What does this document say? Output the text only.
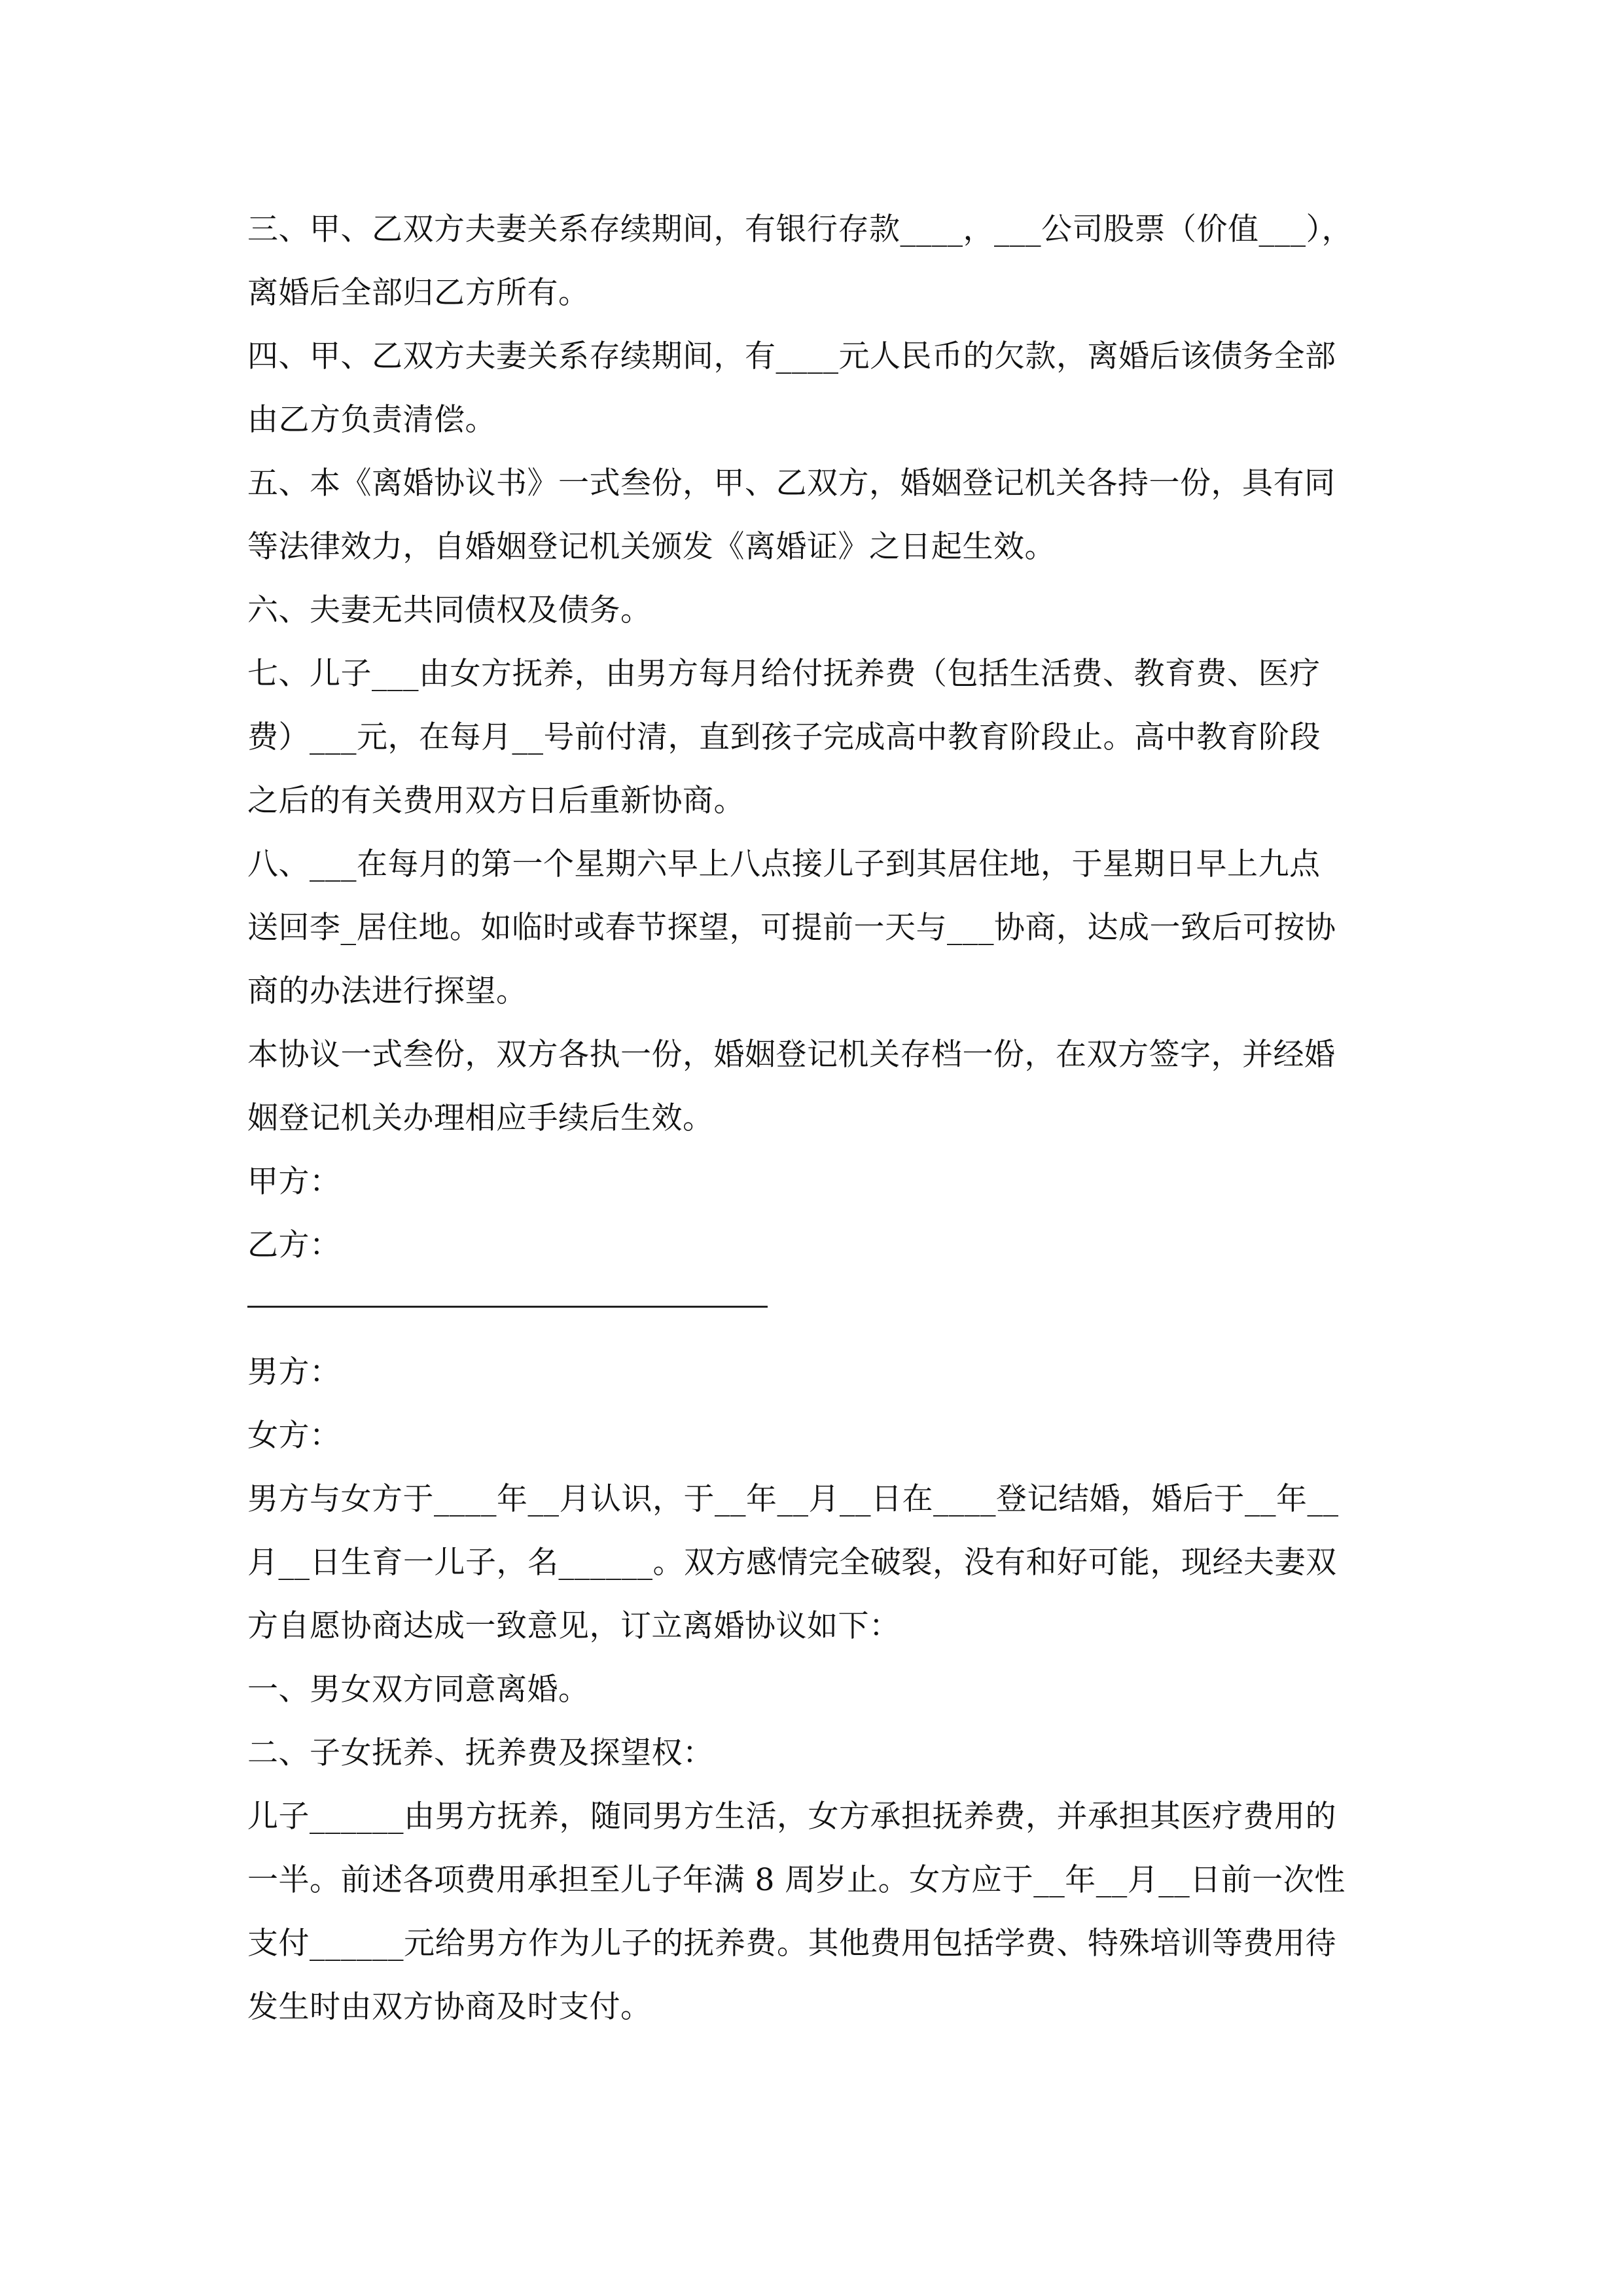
三、甲、乙双方夫妻关系存续期间，有银行存款____，___公司股票（价值___），
离婚后全部归乙方所有。
四、甲、乙双方夫妻关系存续期间，有____元人民币的欠款，离婚后该债务全部
由乙方负责清偿。
五、本《离婚协议书》一式叁份，甲、乙双方，婚姻登记机关各持一份，具有同
等法律效力，自婚姻登记机关颁发《离婚证》之日起生效。
六、夫妻无共同债权及债务。
七、儿子___由女方抚养，由男方每月给付抚养费（包括生活费、教育费、医疗
费）___元，在每月__号前付清，直到孩子完成高中教育阶段止。高中教育阶段
之后的有关费用双方日后重新协商。
八、___在每月的第一个星期六早上八点接儿子到其居住地，于星期日早上九点
送回李_居住地。如临时或春节探望，可提前一天与___协商，达成一致后可按协
商的办法进行探望。
本协议一式叁份，双方各执一份，婚姻登记机关存档一份，在双方签字，并经婚
姻登记机关办理相应手续后生效。
甲方：
乙方：
男方：
女方：
男方与女方于____年__月认识，于__年__月__日在____登记结婚，婚后于__年__
月__日生育一儿子，名______。双方感情完全破裂，没有和好可能，现经夫妻双
方自愿协商达成一致意见，订立离婚协议如下：
一、男女双方同意离婚。
二、子女抚养、抚养费及探望权：
儿子______由男方抚养，随同男方生活，女方承担抚养费，并承担其医疗费用的
一半。前述各项费用承担至儿子年满 8 周岁止。女方应于__年__月__日前一次性
支付______元给男方作为儿子的抚养费。其他费用包括学费、特殊培训等费用待
发生时由双方协商及时支付。
